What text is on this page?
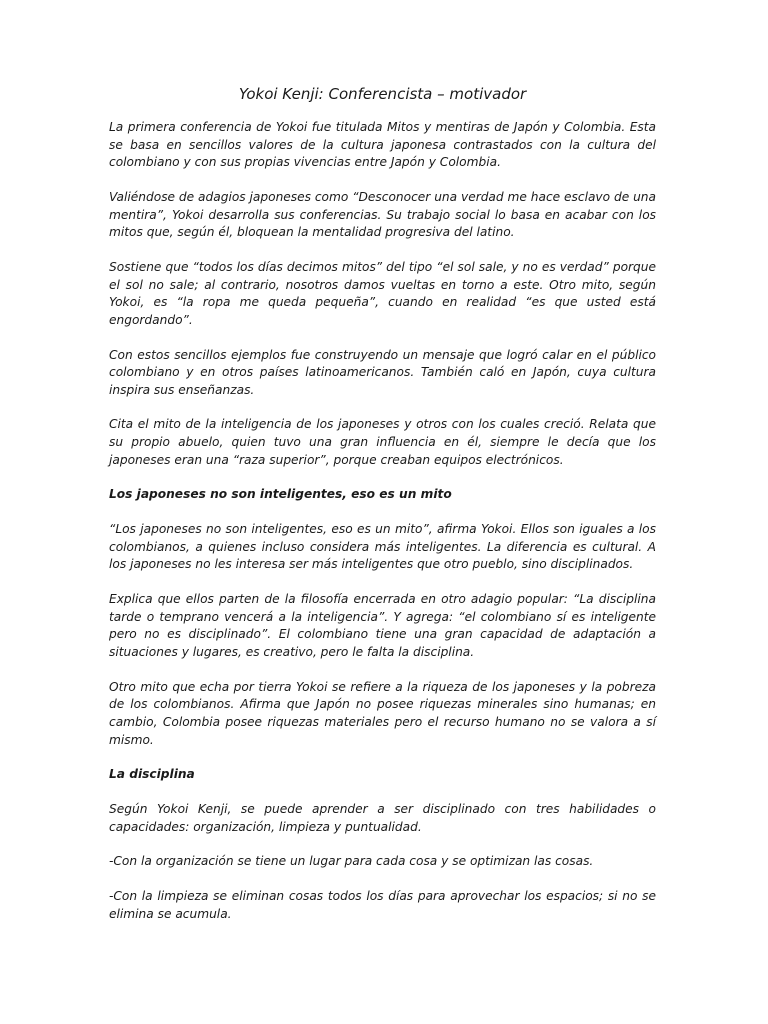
Yokoi Kenji: Conferencista – motivador
La primera conferencia de Yokoi fue titulada Mitos y mentiras de Japón y Colombia. Esta se basa en sencillos valores de la cultura japonesa contrastados con la cultura del colombiano y con sus propias vivencias entre Japón y Colombia.
Valiéndose de adagios japoneses como “Desconocer una verdad me hace esclavo de una mentira”, Yokoi desarrolla sus conferencias. Su trabajo social lo basa en acabar con los mitos que, según él, bloquean la mentalidad progresiva del latino.
Sostiene que “todos los días decimos mitos” del tipo “el sol sale, y no es verdad” porque el sol no sale; al contrario, nosotros damos vueltas en torno a este. Otro mito, según Yokoi, es “la ropa me queda pequeña”, cuando en realidad “es que usted está engordando”.
Con estos sencillos ejemplos fue construyendo un mensaje que logró calar en el público colombiano y en otros países latinoamericanos. También caló en Japón, cuya cultura inspira sus enseñanzas.
Cita el mito de la inteligencia de los japoneses y otros con los cuales creció. Relata que su propio abuelo, quien tuvo una gran influencia en él, siempre le decía que los japoneses eran una “raza superior”, porque creaban equipos electrónicos.
Los japoneses no son inteligentes, eso es un mito
“Los japoneses no son inteligentes, eso es un mito”, afirma Yokoi. Ellos son iguales a los colombianos, a quienes incluso considera más inteligentes. La diferencia es cultural. A los japoneses no les interesa ser más inteligentes que otro pueblo, sino disciplinados.
Explica que ellos parten de la filosofía encerrada en otro adagio popular: “La disciplina tarde o temprano vencerá a la inteligencia”. Y agrega: “el colombiano sí es inteligente pero no es disciplinado”. El colombiano tiene una gran capacidad de adaptación a situaciones y lugares, es creativo, pero le falta la disciplina.
Otro mito que echa por tierra Yokoi se refiere a la riqueza de los japoneses y la pobreza de los colombianos. Afirma que Japón no posee riquezas minerales sino humanas; en cambio, Colombia posee riquezas materiales pero el recurso humano no se valora a sí mismo.
La disciplina
Según Yokoi Kenji, se puede aprender a ser disciplinado con tres habilidades o capacidades: organización, limpieza y puntualidad.
-Con la organización se tiene un lugar para cada cosa y se optimizan las cosas.
-Con la limpieza se eliminan cosas todos los días para aprovechar los espacios; si no se elimina se acumula.
